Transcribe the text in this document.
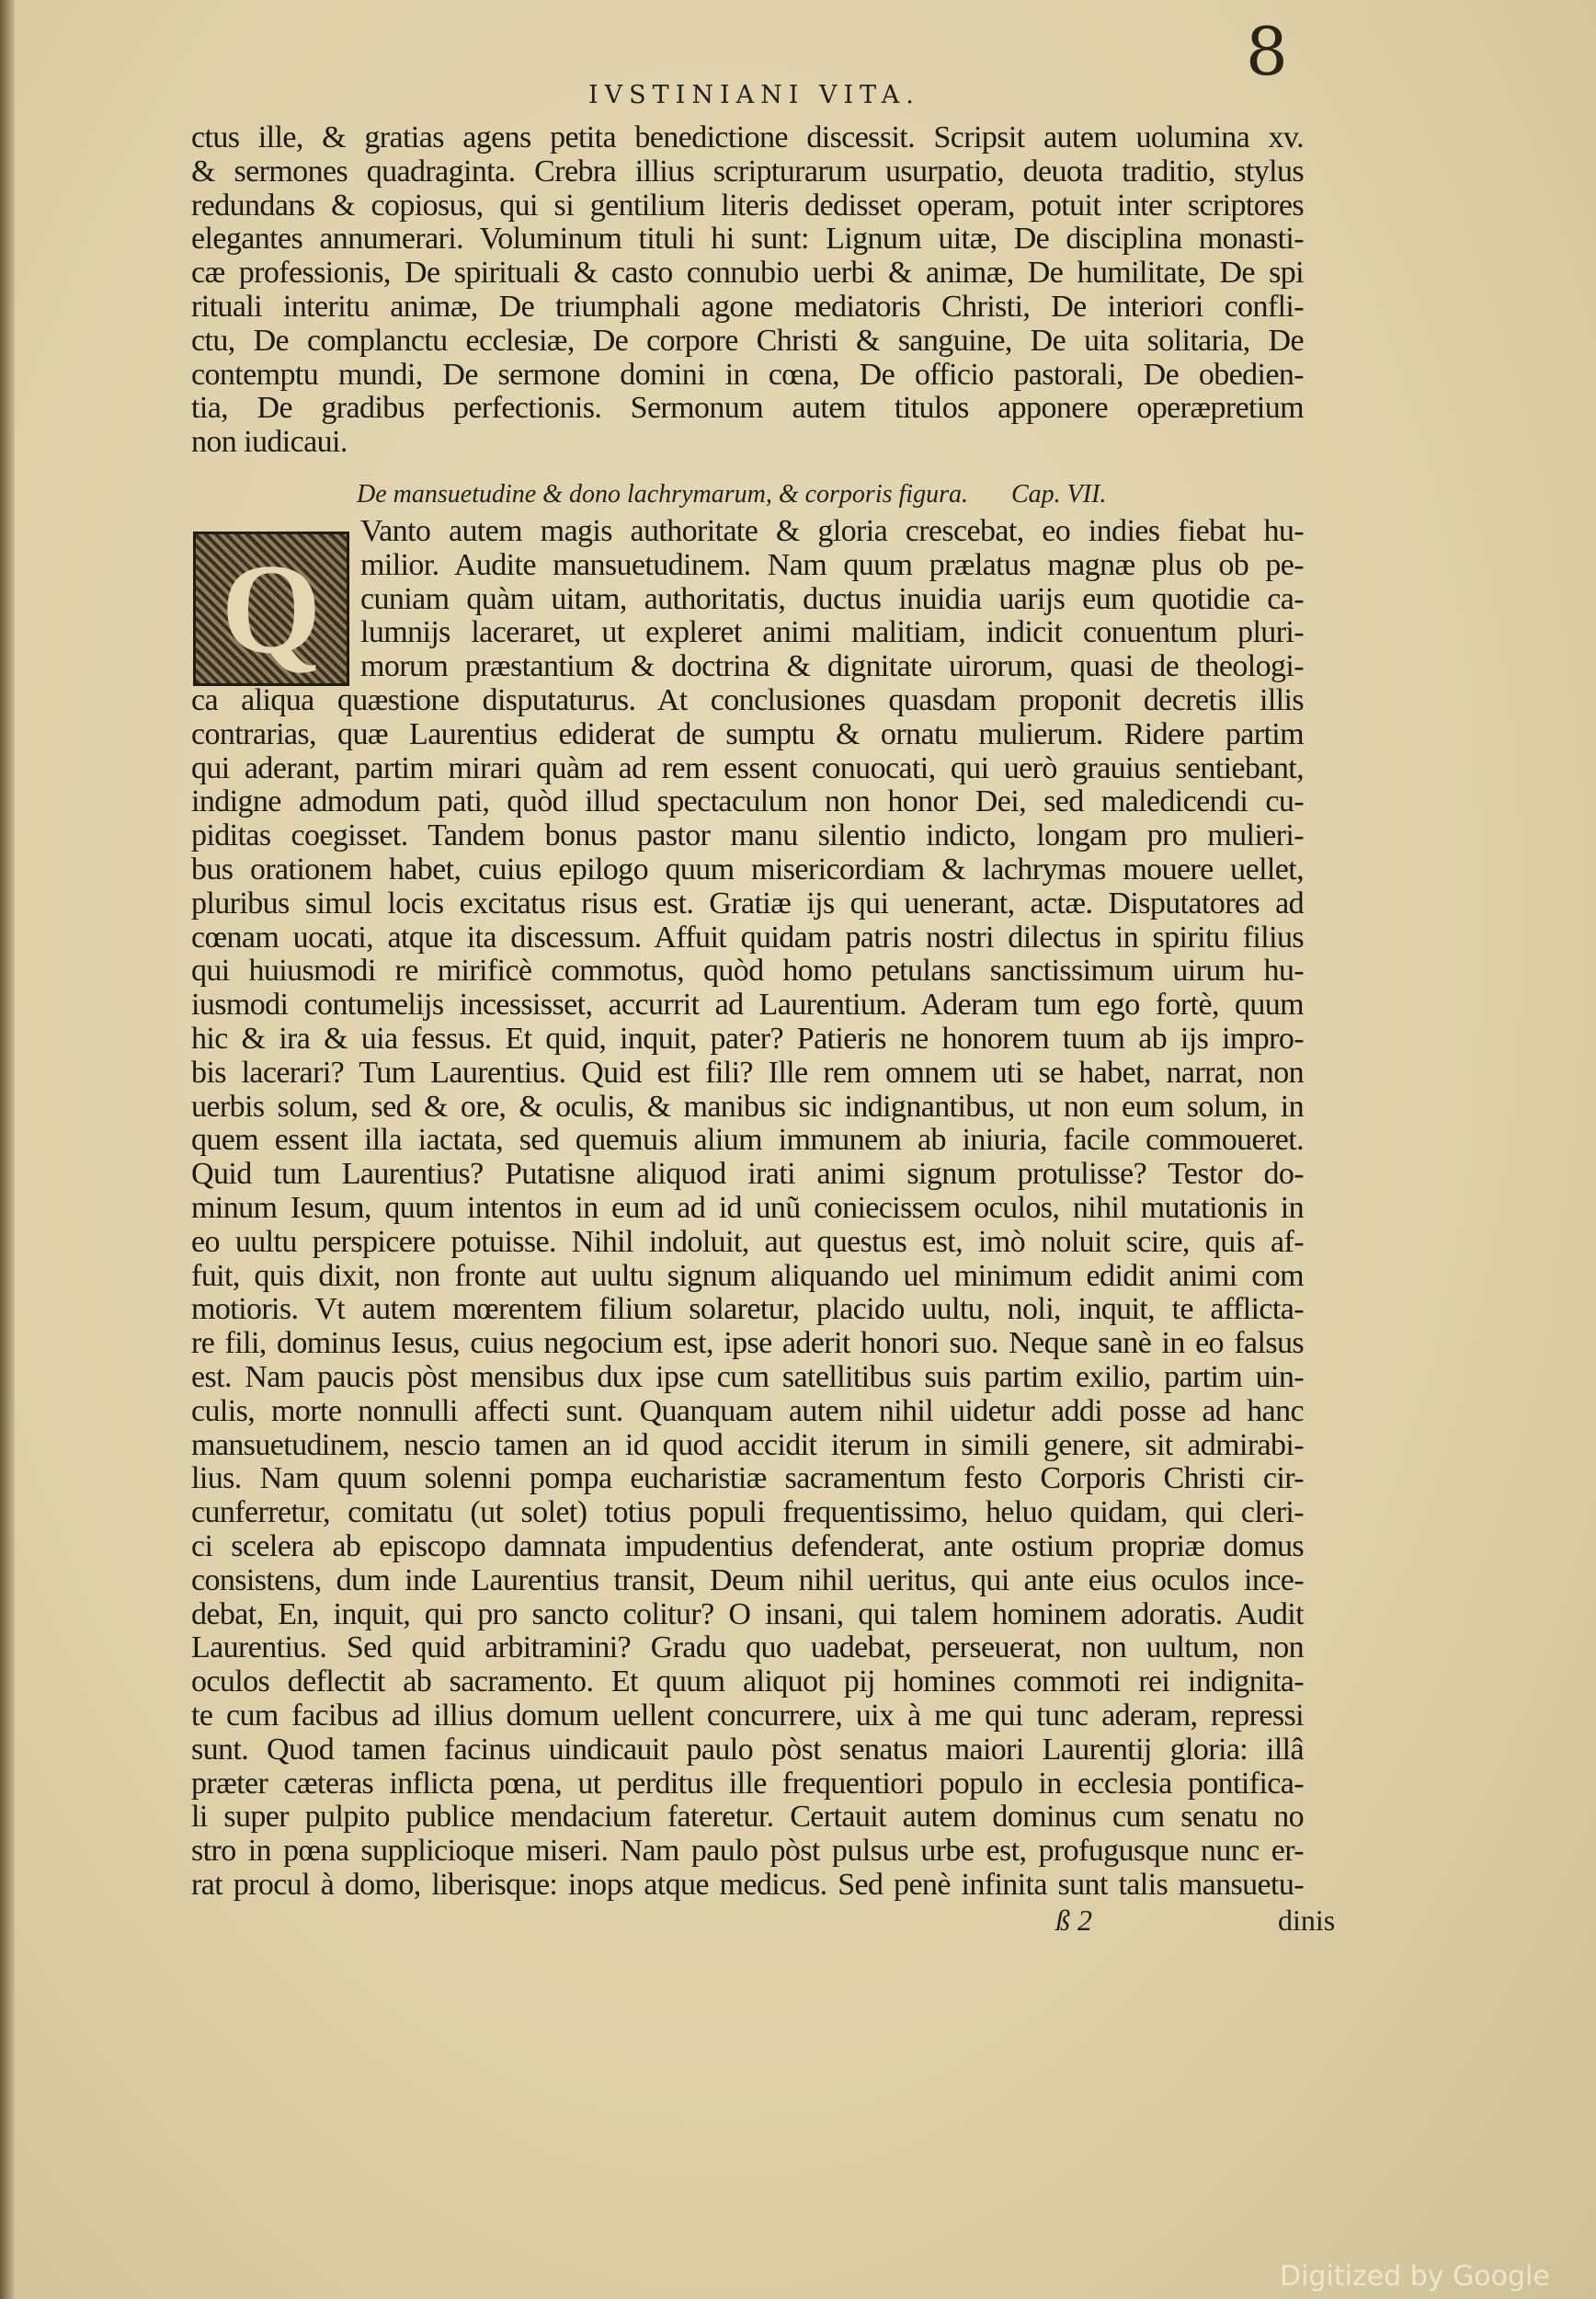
8
IVSTINIANI VITA.
ctus ille, & gratias agens petita benedictione discessit. Scripsit autem uolumina xv.
& sermones quadraginta. Crebra illius scripturarum usurpatio, deuota traditio, stylus
redundans & copiosus, qui si gentilium literis dedisset operam, potuit inter scriptores
elegantes annumerari. Voluminum tituli hi sunt: Lignum uitæ, De disciplina monasti-
cæ professionis, De spirituali & casto connubio uerbi & animæ, De humilitate, De spi
rituali interitu animæ, De triumphali agone mediatoris Christi, De interiori confli-
ctu, De complanctu ecclesiæ, De corpore Christi & sanguine, De uita solitaria, De
contemptu mundi, De sermone domini in cœna, De officio pastorali, De obedien-
tia, De gradibus perfectionis. Sermonum autem titulos apponere operæpretium
non iudicaui.
De mansuetudine & dono lachrymarum, & corporis figura. Cap. VII.
Q
Vanto autem magis authoritate & gloria crescebat, eo indies fiebat hu-
milior. Audite mansuetudinem. Nam quum prælatus magnæ plus ob pe-
cuniam quàm uitam, authoritatis, ductus inuidia uarijs eum quotidie ca-
lumnijs laceraret, ut expleret animi malitiam, indicit conuentum pluri-
morum præstantium & doctrina & dignitate uirorum, quasi de theologi-
ca aliqua quæstione disputaturus. At conclusiones quasdam proponit decretis illis
contrarias, quæ Laurentius ediderat de sumptu & ornatu mulierum. Ridere partim
qui aderant, partim mirari quàm ad rem essent conuocati, qui uerò grauius sentiebant,
indigne admodum pati, quòd illud spectaculum non honor Dei, sed maledicendi cu-
piditas coegisset. Tandem bonus pastor manu silentio indicto, longam pro mulieri-
bus orationem habet, cuius epilogo quum misericordiam & lachrymas mouere uellet,
pluribus simul locis excitatus risus est. Gratiæ ijs qui uenerant, actæ. Disputatores ad
cœnam uocati, atque ita discessum. Affuit quidam patris nostri dilectus in spiritu filius
qui huiusmodi re mirificè commotus, quòd homo petulans sanctissimum uirum hu-
iusmodi contumelijs incessisset, accurrit ad Laurentium. Aderam tum ego fortè, quum
hic & ira & uia fessus. Et quid, inquit, pater? Patieris ne honorem tuum ab ijs impro-
bis lacerari? Tum Laurentius. Quid est fili? Ille rem omnem uti se habet, narrat, non
uerbis solum, sed & ore, & oculis, & manibus sic indignantibus, ut non eum solum, in
quem essent illa iactata, sed quemuis alium immunem ab iniuria, facile commoueret.
Quid tum Laurentius? Putatisne aliquod irati animi signum protulisse? Testor do-
minum Iesum, quum intentos in eum ad id unũ coniecissem oculos, nihil mutationis in
eo uultu perspicere potuisse. Nihil indoluit, aut questus est, imò noluit scire, quis af-
fuit, quis dixit, non fronte aut uultu signum aliquando uel minimum edidit animi com
motioris. Vt autem mœrentem filium solaretur, placido uultu, noli, inquit, te afflicta-
re fili, dominus Iesus, cuius negocium est, ipse aderit honori suo. Neque sanè in eo falsus
est. Nam paucis pòst mensibus dux ipse cum satellitibus suis partim exilio, partim uin-
culis, morte nonnulli affecti sunt. Quanquam autem nihil uidetur addi posse ad hanc
mansuetudinem, nescio tamen an id quod accidit iterum in simili genere, sit admirabi-
lius. Nam quum solenni pompa eucharistiæ sacramentum festo Corporis Christi cir-
cunferretur, comitatu (ut solet) totius populi frequentissimo, heluo quidam, qui cleri-
ci scelera ab episcopo damnata impudentius defenderat, ante ostium propriæ domus
consistens, dum inde Laurentius transit, Deum nihil ueritus, qui ante eius oculos ince-
debat, En, inquit, qui pro sancto colitur? O insani, qui talem hominem adoratis. Audit
Laurentius. Sed quid arbitramini? Gradu quo uadebat, perseuerat, non uultum, non
oculos deflectit ab sacramento. Et quum aliquot pij homines commoti rei indignita-
te cum facibus ad illius domum uellent concurrere, uix à me qui tunc aderam, repressi
sunt. Quod tamen facinus uindicauit paulo pòst senatus maiori Laurentij gloria: illâ
præter cæteras inflicta pœna, ut perditus ille frequentiori populo in ecclesia pontifica-
li super pulpito publice mendacium fateretur. Certauit autem dominus cum senatu no
stro in pœna supplicioque miseri. Nam paulo pòst pulsus urbe est, profugusque nunc er-
rat procul à domo, liberisque: inops atque medicus. Sed penè infinita sunt talis mansuetu-
ß 2	dinis
Digitized by Google
